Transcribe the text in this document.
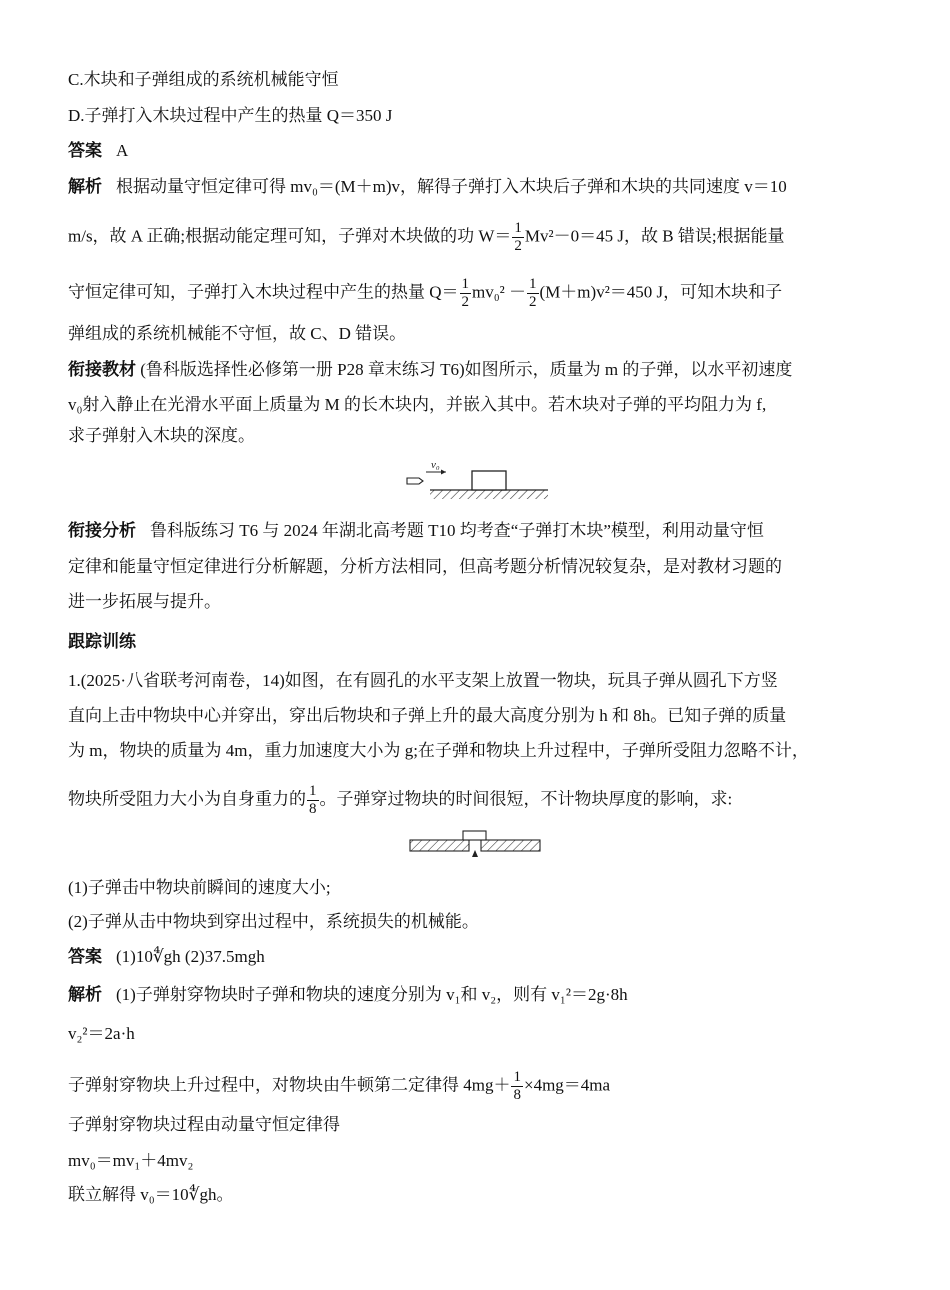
C.木块和子弹组成的系统机械能守恒
D.子弹打入木块过程中产生的热量 Q＝350 J
答案 A
解析 根据动量守恒定律可得 mv₀＝(M＋m)v，解得子弹打入木块后子弹和木块的共同速度 v＝10
m/s，故 A 正确;根据动能定理可知，子弹对木块做的功 $W= \frac{1}{2} Mv^2-0=45$ J，故 B 错误;根据能量
守恒定律可知，子弹打入木块过程中产生的热量 $Q= \frac{1}{2} mv_0^2 - \frac{1}{2} (M+m)v^2=450$ J，可知木块和子
弹组成的系统机械能不守恒，故 C、D 错误。
衔接教材 (鲁科版选择性必修第一册 P28 章末练习 T6)如图所示，质量为 m 的子弹，以水平初速度
v₀射入静止在光滑水平面上质量为 M 的长木块内，并嵌入其中。若木块对子弹的平均阻力为 f,
求子弹射入木块的深度。
v₀
衔接分析 鲁科版练习 T6 与 2024 年湖北高考题 T10 均考查“子弹打木块”模型，利用动量守恒
定律和能量守恒定律进行分析解题，分析方法相同，但高考题分析情况较复杂，是对教材习题的
进一步拓展与提升。
跟踪训练
1.(2025·八省联考河南卷，14)如图，在有圆孔的水平支架上放置一物块，玩具子弹从圆孔下方竖
直向上击中物块中心并穿出，穿出后物块和子弹上升的最大高度分别为 h 和 8h。已知子弹的质量
为 m，物块的质量为 4m，重力加速度大小为 g;在子弹和物块上升过程中，子弹所受阻力忽略不计，
物块所受阻力大小为自身重力的 $\frac{1}{8}$ 。子弹穿过物块的时间很短，不计物块厚度的影响，求:
(1)子弹击中物块前瞬间的速度大小;
(2)子弹从击中物块到穿出过程中，系统损失的机械能。
答案 (1)10∜gh (2)37.5mgh
解析 (1)子弹射穿物块时子弹和物块的速度分别为 v₁和 v₂，则有 v₁²＝2g·8h
v₂²＝2a·h
子弹射穿物块上升过程中，对物块由牛顿第二定律得 $4mg+ \frac{1}{8} \times 4mg=4ma$
子弹射穿物块过程由动量守恒定律得
mv₀＝mv₁＋4mv₂
联立解得 v₀＝10∜gh。
